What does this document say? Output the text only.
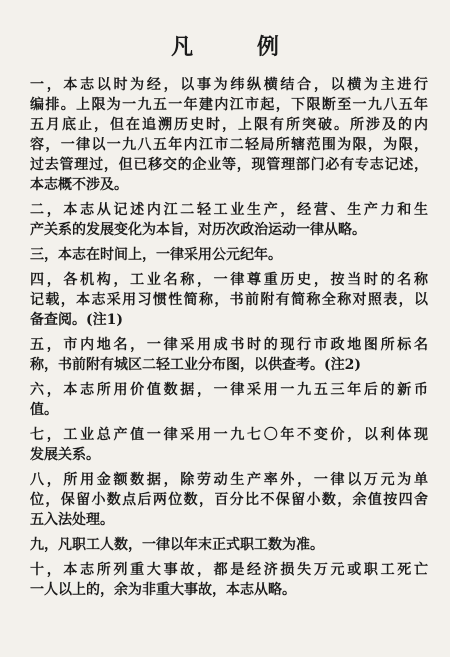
凡 例
一，本志以时为经，以事为纬纵横结合，以横为主进行
编排。上限为一九五一年建内江市起，下限断至一九八五年
五月底止，但在追溯历史时，上限有所突破。所涉及的内
容，一律以一九八五年内江市二轻局所辖范围为限，为限，
过去管理过，但已移交的企业等，现管理部门必有专志记述，
本志概不涉及。
二，本志从记述内江二轻工业生产，经营、生产力和生
产关系的发展变化为本旨，对历次政治运动一律从略。
三，本志在时间上，一律采用公元纪年。
四，各机构，工业名称，一律尊重历史，按当时的名称
记载，本志采用习惯性简称，书前附有简称全称对照表，以
备查阅。(注1)
五，市内地名，一律采用成书时的现行市政地图所标名
称，书前附有城区二轻工业分布图，以供查考。(注2)
六，本志所用价值数据，一律采用一九五三年后的新币
值。
七，工业总产值一律采用一九七〇年不变价，以利体现
发展关系。
八，所用金额数据，除劳动生产率外，一律以万元为单
位，保留小数点后两位数，百分比不保留小数，余值按四舍
五入法处理。
九，凡职工人数，一律以年末正式职工数为准。
十，本志所列重大事故，都是经济损失万元或职工死亡
一人以上的，余为非重大事故，本志从略。
